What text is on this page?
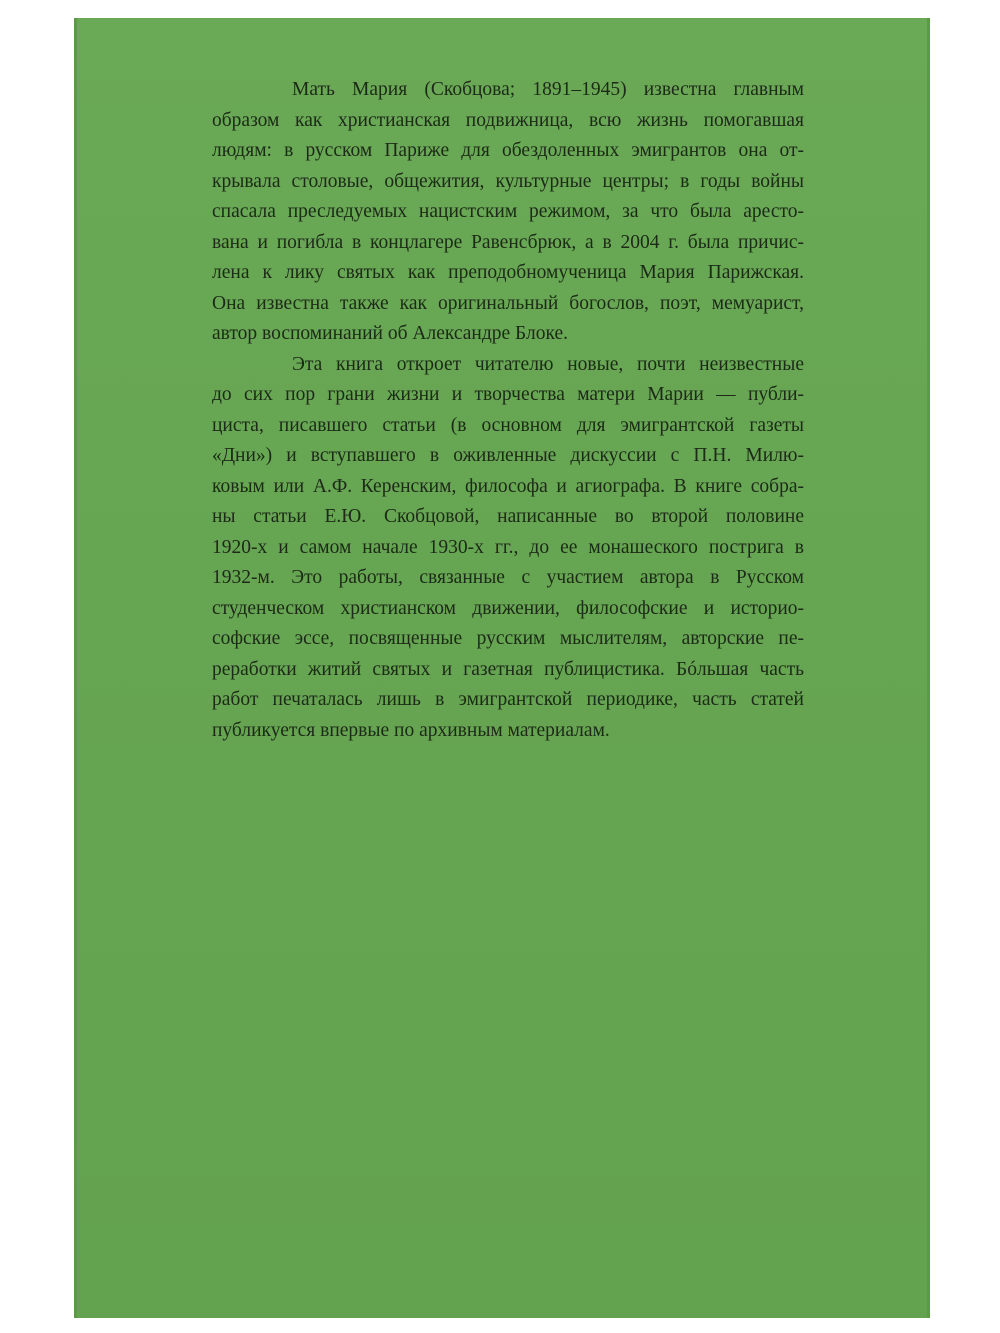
Мать Мария (Скобцова; 1891–1945) известна главным
образом как христианская подвижница, всю жизнь помогавшая
людям: в русском Париже для обездоленных эмигрантов она от-
крывала столовые, общежития, культурные центры; в годы войны
спасала преследуемых нацистским режимом, за что была аресто-
вана и погибла в концлагере Равенсбрюк, а в 2004 г. была причис-
лена к лику святых как преподобномученица Мария Парижская.
Она известна также как оригинальный богослов, поэт, мемуарист,
автор воспоминаний об Александре Блоке.
Эта книга откроет читателю новые, почти неизвестные
до сих пор грани жизни и творчества матери Марии — публи-
циста, писавшего статьи (в основном для эмигрантской газеты
«Дни») и вступавшего в оживленные дискуссии с П.Н. Милю-
ковым или А.Ф. Керенским, философа и агиографа. В книге собра-
ны статьи Е.Ю. Скобцовой, написанные во второй половине
1920-х и самом начале 1930-х гг., до ее монашеского пострига в
1932-м. Это работы, связанные с участием автора в Русском
студенческом христианском движении, философские и историо-
софские эссе, посвященные русским мыслителям, авторские пе-
реработки житий святых и газетная публицистика. Бóльшая часть
работ печаталась лишь в эмигрантской периодике, часть статей
публикуется впервые по архивным материалам.
